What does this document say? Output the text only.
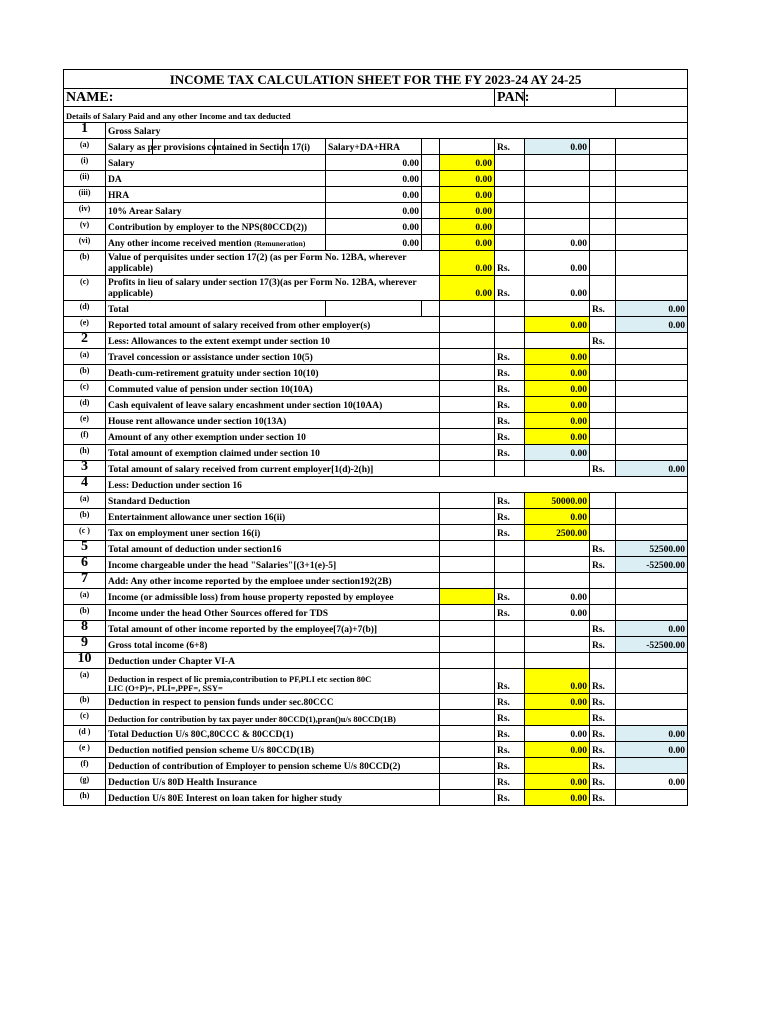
INCOME TAX CALCULATION SHEET FOR THE FY 2023-24 AY 24-25								
NAME:					PAN:			
Details of Salary Paid and any other Income and tax deducted								
1	Gross Salary							
(a)	Salary as per provisions contained in Section 17(i)	Salary+DA+HRA			Rs.	0.00		
(i)	Salary	0.00		0.00				
(ii)	DA	0.00		0.00				
(iii)	HRA	0.00		0.00				
(iv)	10% Arear Salary	0.00		0.00				
(v)	Contribution by employer to the NPS(80CCD(2))	0.00		0.00				
(vi)	Any other income received mention (Remuneration)	0.00		0.00		0.00		
(b)	Value of perquisites under section 17(2) (as per Form No. 12BA, wherever applicable)			0.00	Rs.	0.00		
(c)	Profits in lieu of salary under section 17(3)(as per Form No. 12BA, wherever applicable)			0.00	Rs.	0.00		
(d)	Total						Rs.	0.00
(e)	Reported total amount of salary received from other employer(s)					0.00		0.00
2	Less: Allowances to the extent exempt under section 10						Rs.	
(a)	Travel concession or assistance under section 10(5)				Rs.	0.00		
(b)	Death-cum-retirement gratuity under section 10(10)				Rs.	0.00		
(c)	Commuted value of pension under section 10(10A)				Rs.	0.00		
(d)	Cash equivalent of leave salary encashment under section 10(10AA)				Rs.	0.00		
(e)	House rent allowance under section 10(13A)				Rs.	0.00		
(f)	Amount of any other exemption under section 10				Rs.	0.00		
(h)	Total amount of exemption claimed under section 10				Rs.	0.00		
3	Total amount of salary received from current employer[1(d)-2(h)]						Rs.	0.00
4	Less: Deduction under section 16							
(a)	Standard Deduction				Rs.	50000.00		
(b)	Entertainment allowance uner section 16(ii)				Rs.	0.00		
(c )	Tax on employment uner section 16(i)				Rs.	2500.00		
5	Total amount of deduction under section16						Rs.	52500.00
6	Income chargeable under the head "Salaries"[(3+1(e)-5]						Rs.	-52500.00
7	Add: Any other income reported by the emploee under section192(2B)							
(a)	Income (or admissible loss) from house property reposted by employee				Rs.	0.00		
(b)	Income under the head Other Sources offered for TDS				Rs.	0.00		
8	Total amount of other income reported by the employee[7(a)+7(b)]						Rs.	0.00
9	Gross total income (6+8)						Rs.	-52500.00
10	Deduction under Chapter VI-A							
(a)	Deduction in respect of lic premia,contribution to PF,PLI etc section 80C
LIC (O+P)=, PLI=,PPF=, SSY=				Rs.	0.00	Rs.	
(b)	Deduction in respect to pension funds under sec.80CCC				Rs.	0.00	Rs.	
(c)	Deduction for contribution by tax payer under 80CCD(1),pran()u/s 80CCD(1B)				Rs.		Rs.	
(d )	Total Deduction U/s 80C,80CCC & 80CCD(1)				Rs.	0.00	Rs.	0.00
(e )	Deduction notified pension scheme U/s 80CCD(1B)				Rs.	0.00	Rs.	0.00
(f)	Deduction of contribution of Employer to pension scheme U/s 80CCD(2)				Rs.		Rs.	
(g)	Deduction U/s 80D Health Insurance				Rs.	0.00	Rs.	0.00
(h)	Deduction U/s 80E Interest on loan taken for higher study				Rs.	0.00	Rs.	
